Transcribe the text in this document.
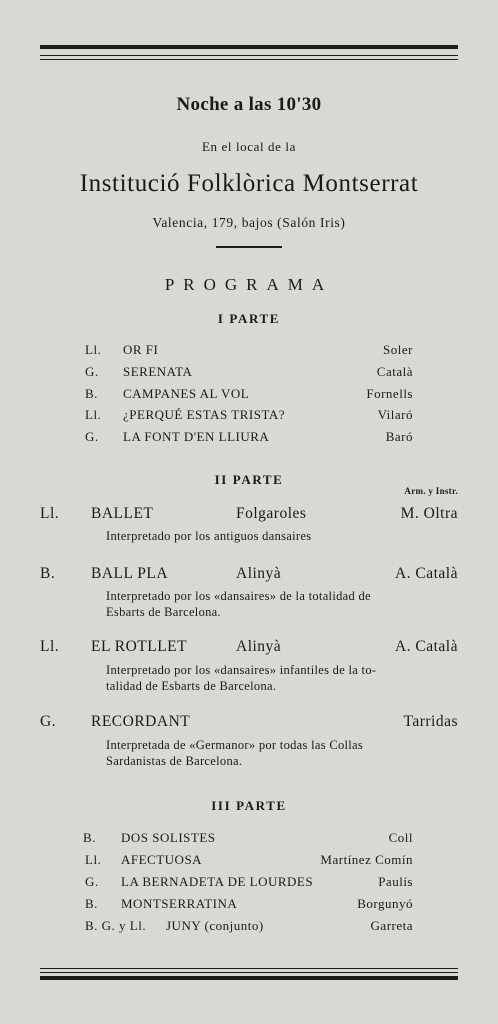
Noche a las 10'30
En el local de la
Institució Folklòrica Montserrat
Valencia, 179, bajos (Salón Iris)
PROGRAMA
I PARTE
Ll. OR FI	Soler
G. SERENATA	Català
B. CAMPANES AL VOL	Fornells
Ll. ¿PERQUÉ ESTAS TRISTA?	Vilaró
G. LA FONT D'EN LLIURA	Baró
II PARTE
Arm. y Instr.
Ll. BALLET	Folgaroles	M. Oltra
Interpretado por los antiguos dansaires
B. BALL PLA	Alinyà	A. Català
Interpretado por los «dansaires» de la totalidad de
Esbarts de Barcelona.
Ll. EL ROTLLET	Alinyà	A. Català
Interpretado por los «dansaires» infantiles de la to-
talidad de Esbarts de Barcelona.
G. RECORDANT	Tarridas
Interpretada de «Germanor» por todas las Collas
Sardanistas de Barcelona.
III PARTE
B. DOS SOLISTES	Coll
Ll. AFECTUOSA	Martínez Comín
G. LA BERNADETA DE LOURDES	Paulís
B. MONTSERRATINA	Borgunyó
B. G. y Ll. JUNY (conjunto)	Garreta
